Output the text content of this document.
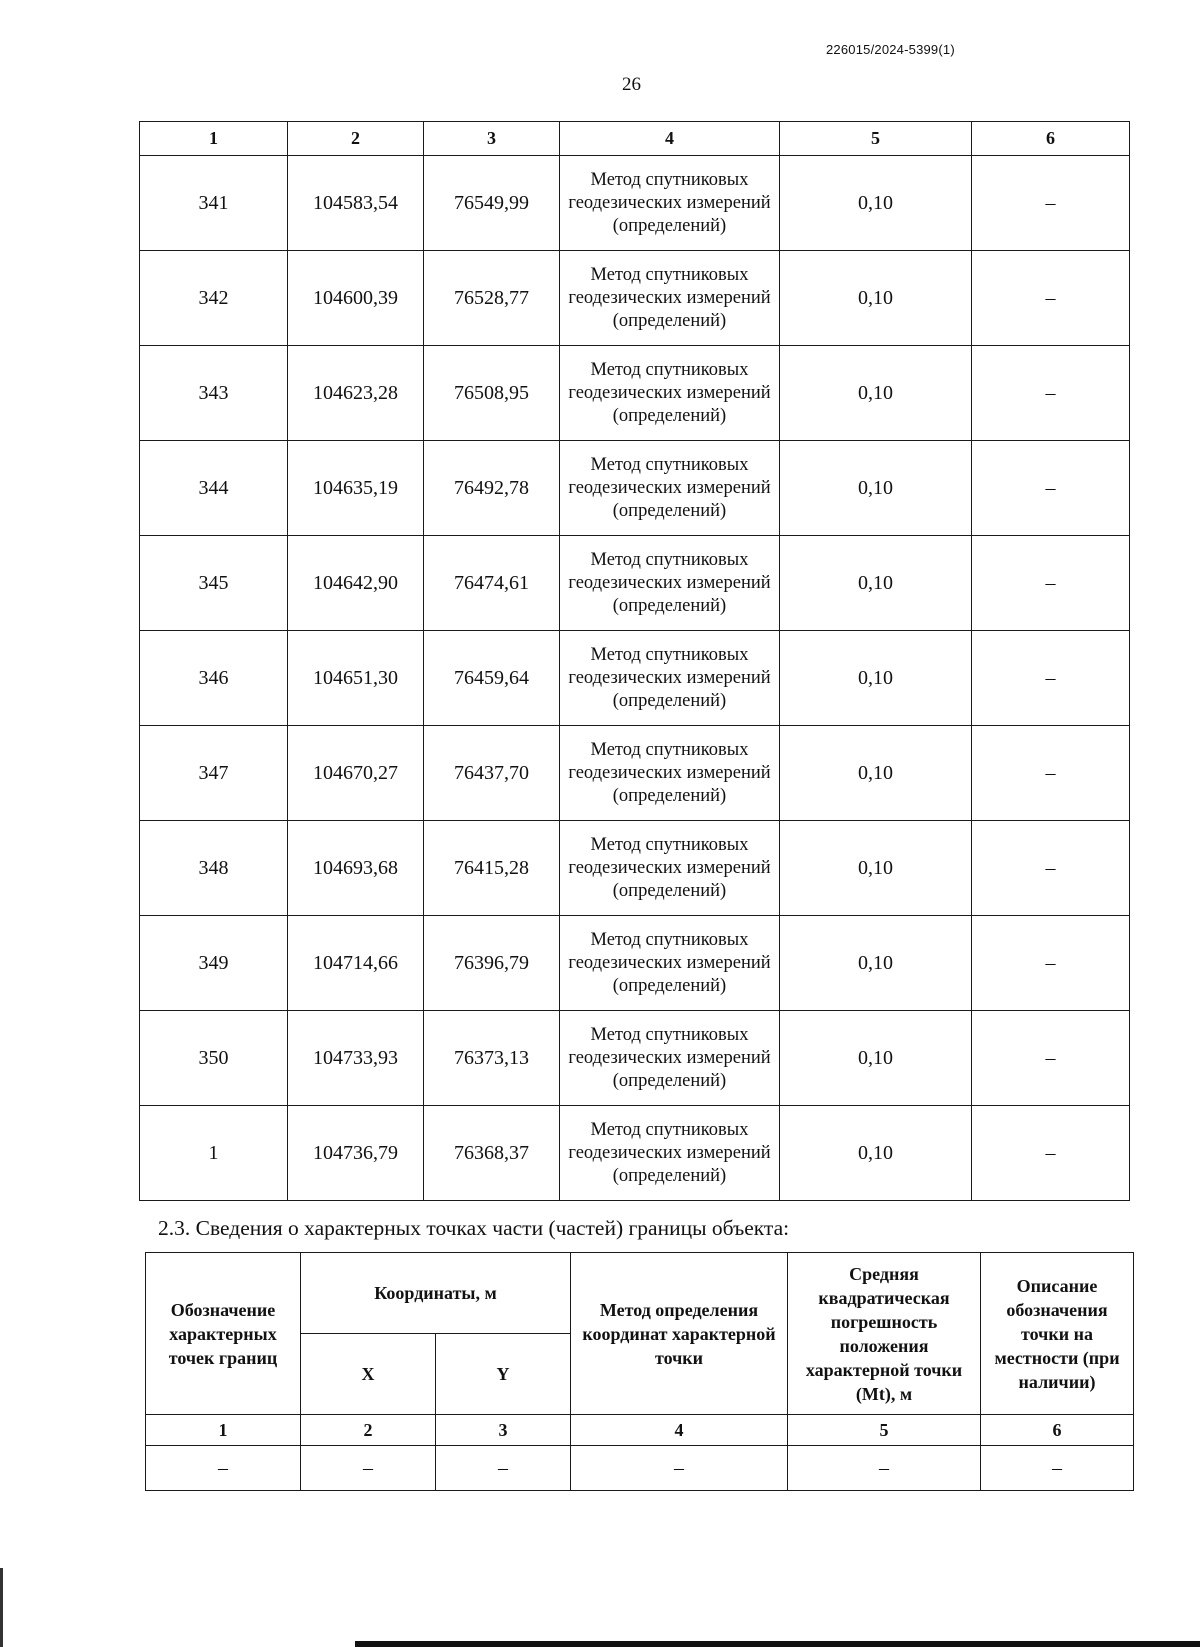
226015/2024-5399(1)
26
1	2	3	4	5	6
341	104583,54	76549,99	Метод спутниковых геодезических измерений (определений)	0,10	–
342	104600,39	76528,77	Метод спутниковых геодезических измерений (определений)	0,10	–
343	104623,28	76508,95	Метод спутниковых геодезических измерений (определений)	0,10	–
344	104635,19	76492,78	Метод спутниковых геодезических измерений (определений)	0,10	–
345	104642,90	76474,61	Метод спутниковых геодезических измерений (определений)	0,10	–
346	104651,30	76459,64	Метод спутниковых геодезических измерений (определений)	0,10	–
347	104670,27	76437,70	Метод спутниковых геодезических измерений (определений)	0,10	–
348	104693,68	76415,28	Метод спутниковых геодезических измерений (определений)	0,10	–
349	104714,66	76396,79	Метод спутниковых геодезических измерений (определений)	0,10	–
350	104733,93	76373,13	Метод спутниковых геодезических измерений (определений)	0,10	–
1	104736,79	76368,37	Метод спутниковых геодезических измерений (определений)	0,10	–
2.3. Сведения о характерных точках части (частей) границы объекта:
Обозначение характерных точек границ	Координаты, м		Метод определения координат характерной точки	Средняя квадратическая погрешность положения характерной точки (Mt), м	Описание обозначения точки на местности (при наличии)
	X	Y			
1	2	3	4	5	6
–	–	–	–	–	–
